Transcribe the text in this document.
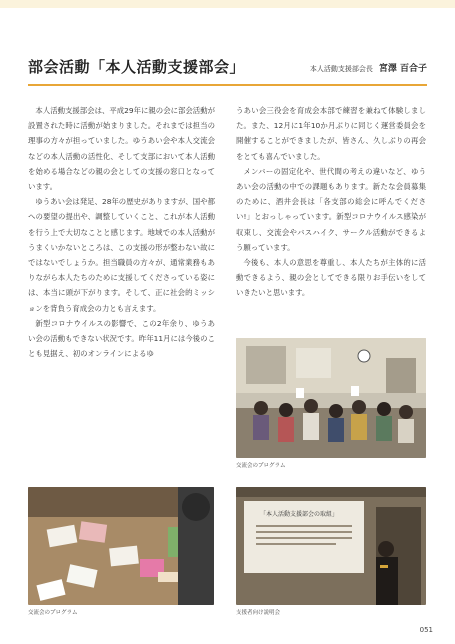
部会活動「本人活動支援部会」	本人活動支援部会長 宮澤 百合子

本人活動支援部会は、平成29年に親の会に部会活動が設置された時に活動が始まりました。それまでは担当の理事の方々が担っていました。ゆうあい会や本人交流会などの本人活動の活性化、そして支部において本人活動を始める場合などの親の会としての支援の窓口となっています。

ゆうあい会は発足、28年の歴史がありますが、国や都への要望の提出や、調整していくこと、これが本人活動を行う上で大切なことと感じます。地域での本人活動がうまくいかないところは、この支援の形が整わない故にではないでしょうか。担当職員の方々が、通常業務もありながら本人たちのために支援してくださっている姿には、本当に頭が下がります。そして、正に社会的ミッションを背負う育成会の力とも言えます。

新型コロナウイルスの影響で、この2年余り、ゆうあい会の活動もできない状況です。昨年11月には今後のことも見据え、初のオンラインによるゆ

うあい会三役会を育成会本部で練習を兼ねて体験しました。また、12月に1年10か月ぶりに同じく運営委員会を開催することができましたが、皆さん、久しぶりの再会をとても喜んでいました。

メンバーの固定化や、世代間の考えの違いなど、ゆうあい会の活動の中での課題もあります。新たな会員募集のために、酒井会長は「各支部の総会に呼んでください!」とおっしゃっています。新型コロナウイルス感染が収束し、交流会やバスハイク、サークル活動ができるよう願っています。

今後も、本人の意思を尊重し、本人たちが主体的に活動できるよう、親の会としてできる限りお手伝いをしていきたいと思います。

交流会のプログラム
交流会のプログラム
「本人活動支援部会の取組」
支援者向け説明会
051
